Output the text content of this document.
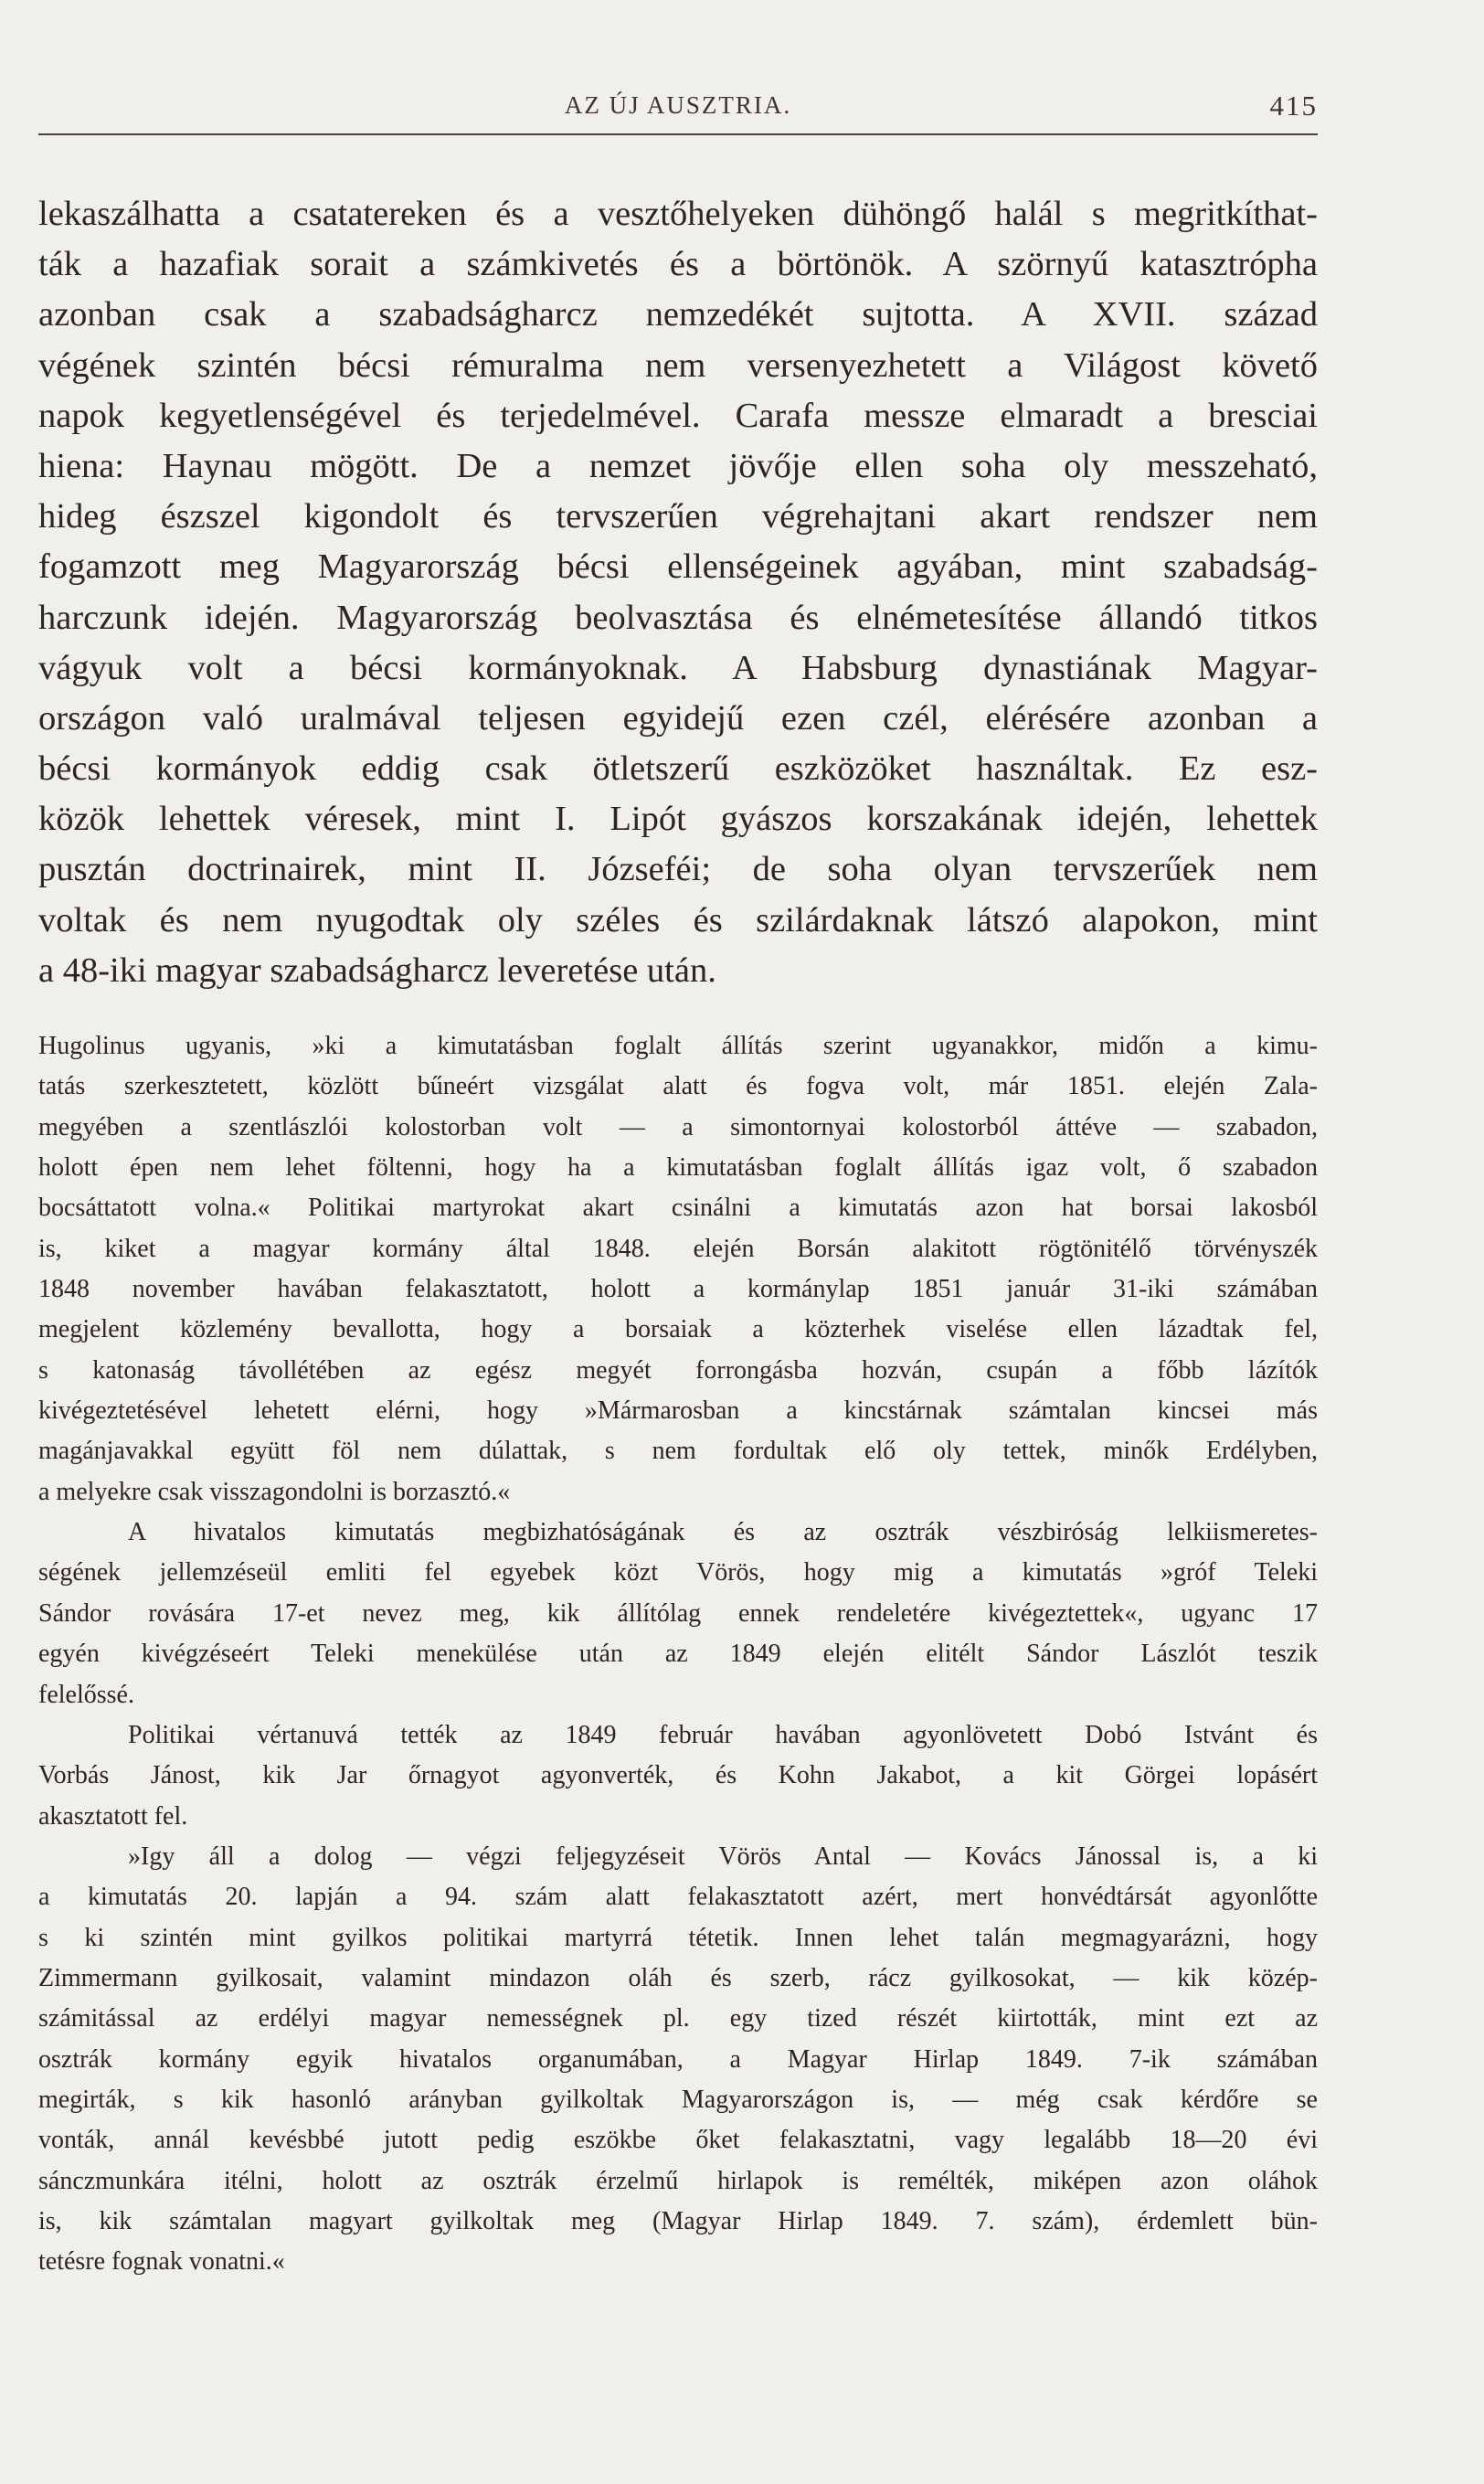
AZ ÚJ AUSZTRIA.	415
lekaszálhatta a csatatereken és a vesztőhelyeken dühöngő halál s megritkíthat-
ták a hazafiak sorait a számkivetés és a börtönök. A szörnyű katasztrópha
azonban csak a szabadságharcz nemzedékét sujtotta. A XVII. század
végének szintén bécsi rémuralma nem versenyezhetett a Világost követő
napok kegyetlenségével és terjedelmével. Carafa messze elmaradt a bresciai
hiena: Haynau mögött. De a nemzet jövője ellen soha oly messzeható,
hideg észszel kigondolt és tervszerűen végrehajtani akart rendszer nem
fogamzott meg Magyarország bécsi ellenségeinek agyában, mint szabadság-
harczunk idején. Magyarország beolvasztása és elnémetesítése állandó titkos
vágyuk volt a bécsi kormányoknak. A Habsburg dynastiának Magyar-
országon való uralmával teljesen egyidejű ezen czél, elérésére azonban a
bécsi kormányok eddig csak ötletszerű eszközöket használtak. Ez esz-
közök lehettek véresek, mint I. Lipót gyászos korszakának idején, lehettek
pusztán doctrinairek, mint II. Józseféi; de soha olyan tervszerűek nem
voltak és nem nyugodtak oly széles és szilárdaknak látszó alapokon, mint
a 48-iki magyar szabadságharcz leveretése után.
Hugolinus ugyanis, »ki a kimutatásban foglalt állítás szerint ugyanakkor, midőn a kimu-
tatás szerkesztetett, közlött bűneért vizsgálat alatt és fogva volt, már 1851. elején Zala-
megyében a szentlászlói kolostorban volt — a simontornyai kolostorból áttéve — szabadon,
holott épen nem lehet föltenni, hogy ha a kimutatásban foglalt állítás igaz volt, ő szabadon
bocsáttatott volna.« Politikai martyrokat akart csinálni a kimutatás azon hat borsai lakosból
is, kiket a magyar kormány által 1848. elején Borsán alakitott rögtönitélő törvényszék
1848 november havában felakasztatott, holott a kormánylap 1851 január 31-iki számában
megjelent közlemény bevallotta, hogy a borsaiak a közterhek viselése ellen lázadtak fel,
s katonaság távollétében az egész megyét forrongásba hozván, csupán a főbb lázítók
kivégeztetésével lehetett elérni, hogy »Mármarosban a kincstárnak számtalan kincsei más
magánjavakkal együtt föl nem dúlattak, s nem fordultak elő oly tettek, minők Erdélyben,
a melyekre csak visszagondolni is borzasztó.«
A hivatalos kimutatás megbizhatóságának és az osztrák vészbiróság lelkiismeretes-
ségének jellemzéseül emliti fel egyebek közt Vörös, hogy mig a kimutatás »gróf Teleki
Sándor rovására 17-et nevez meg, kik állítólag ennek rendeletére kivégeztettek«, ugyanc 17
egyén kivégzéseért Teleki menekülése után az 1849 elején elitélt Sándor Lászlót teszik
felelőssé.
Politikai vértanuvá tették az 1849 február havában agyonlövetett Dobó Istvánt és
Vorbás Jánost, kik Jar őrnagyot agyonverték, és Kohn Jakabot, a kit Görgei lopásért
akasztatott fel.
»Igy áll a dolog — végzi feljegyzéseit Vörös Antal — Kovács Jánossal is, a ki
a kimutatás 20. lapján a 94. szám alatt felakasztatott azért, mert honvédtársát agyonlőtte
s ki szintén mint gyilkos politikai martyrrá tétetik. Innen lehet talán megmagyarázni, hogy
Zimmermann gyilkosait, valamint mindazon oláh és szerb, rácz gyilkosokat, — kik közép-
számitással az erdélyi magyar nemességnek pl. egy tized részét kiirtották, mint ezt az
osztrák kormány egyik hivatalos organumában, a Magyar Hirlap 1849. 7-ik számában
megirták, s kik hasonló arányban gyilkoltak Magyarországon is, — még csak kérdőre se
vonták, annál kevésbbé jutott pedig eszökbe őket felakasztatni, vagy legalább 18—20 évi
sánczmunkára itélni, holott az osztrák érzelmű hirlapok is remélték, miképen azon oláhok
is, kik számtalan magyart gyilkoltak meg (Magyar Hirlap 1849. 7. szám), érdemlett bün-
tetésre fognak vonatni.«
